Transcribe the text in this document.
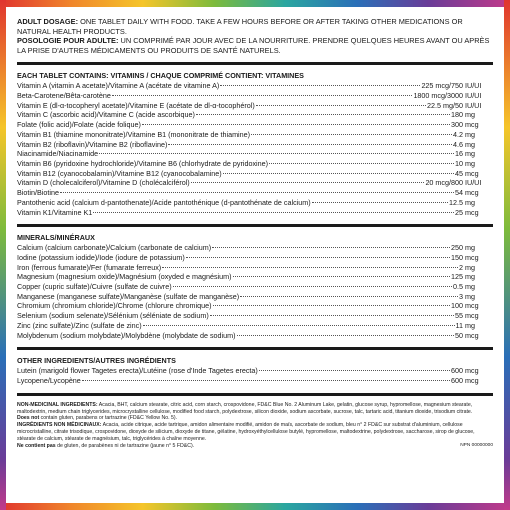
ADULT DOSAGE: ONE TABLET DAILY WITH FOOD. TAKE A FEW HOURS BEFORE OR AFTER TAKING OTHER MEDICATIONS OR NATURAL HEALTH PRODUCTS.

POSOLOGIE POUR ADULTE: UN COMPRIMÉ PAR JOUR AVEC DE LA NOURRITURE. PRENDRE QUELQUES HEURES AVANT OU APRÈS LA PRISE D'AUTRES MÉDICAMENTS OU PRODUITS DE SANTÉ NATURELS.

EACH TABLET CONTAINS: VITAMINS / CHAQUE COMPRIMÉ CONTIENT: VITAMINES
Vitamin A (vitamin A acetate)/Vitamine A (acétate de vitamine A)	225 mcg/750 IU/UI
Beta-Carotene/Bêta-carotène	1800 mcg/3000 IU/UI
Vitamin E (dl-α-tocopheryl acetate)/Vitamine E (acétate de dl-α-tocophérol)	22.5 mg/50 IU/UI
Vitamin C (ascorbic acid)/Vitamine C (acide ascorbique)	180 mg
Folate (folic acid)/Folate (acide folique)	300 mcg
Vitamin B1 (thiamine mononitrate)/Vitamine B1 (mononitrate de thiamine)	4.2 mg
Vitamin B2 (riboflavin)/Vitamine B2 (riboflavine)	4.6 mg
Niacinamide/Niacinamide	16 mg
Vitamin B6 (pyridoxine hydrochloride)/Vitamine B6 (chlorhydrate de pyridoxine)	10 mg
Vitamin B12 (cyanocobalamin)/Vitamine B12 (cyanocobalamine)	45 mcg
Vitamin D (cholecalciferol)/Vitamine D (cholécalciférol)	20 mcg/800 IU/UI
Biotin/Biotine	54 mcg
Pantothenic acid (calcium d-pantothenate)/Acide pantothénique (d-pantothénate de calcium)	12.5 mg
Vitamin K1/Vitamine K1	25 mcg
MINERALS/MINÉRAUX
Calcium (calcium carbonate)/Calcium (carbonate de calcium)	250 mg
Iodine (potassium iodide)/Iode (iodure de potassium)	150 mcg
Iron (ferrous fumarate)/Fer (fumarate ferreux)	2 mg
Magnesium (magnesium oxide)/Magnésium (oxyded e magnésium)	125 mg
Copper (cupric sulfate)/Cuivre (sulfate de cuivre)	0.5 mg
Manganese (manganese sulfate)/Manganèse (sulfate de manganèse)	3 mg
Chromium (chromium chloride)/Chrome (chlorure chromique)	100 mcg
Selenium (sodium selenate)/Sélénium (séléniate de sodium)	55 mcg
Zinc (zinc sulfate)/Zinc (sulfate de zinc)	11 mg
Molybdenum (sodium molybdate)/Molybdène (molybdate de sodium)	50 mcg
OTHER INGREDIENTS/AUTRES INGRÉDIENTS
Lutein (marigold flower Tagetes erecta)/Lutéine (rose d'Inde Tagetes erecta)	600 mcg
Lycopene/Lycopène	600 mcg

NON-MEDICINAL INGREDIENTS: Acacia, BHT, calcium stearate, citric acid, corn starch, crospovidone, FD&C Blue No. 2 Aluminum Lake, gelatin, glucose syrup, hypromellose, magnesium stearate, maltodextrin, medium chain triglycerides, microcrystalline cellulose, modified food starch, polydextrose, silicon dioxide, sodium ascorbate, sucrose, talc, tartaric acid, titanium dioxide, trisodium citrate.

Does not contain gluten, parabens or tartrazine (FD&C Yellow No. 5).

INGRÉDIENTS NON MÉDICINAUX: Acacia, acide citrique, acide tartrique, amidon alimentaire modifié, amidon de maïs, ascorbate de sodium, bleu n° 2 FD&C sur substrat d'aluminium, cellulose microcristalline, citrate trisodique, crospovidone, dioxyde de silicium, dioxyde de titane, gélatine, hydroxyéthylcellulose butylé, hypromellose, maltodextrine, polydextrose, saccharose, sirop de glucose, stéarate de calcium, stéarate de magnésium, talc, triglycérides à chaîne moyenne.

Ne contient pas de gluten, de parabènes ni de tartrazine (jaune n° 5 FD&C).	NPN 00000000
